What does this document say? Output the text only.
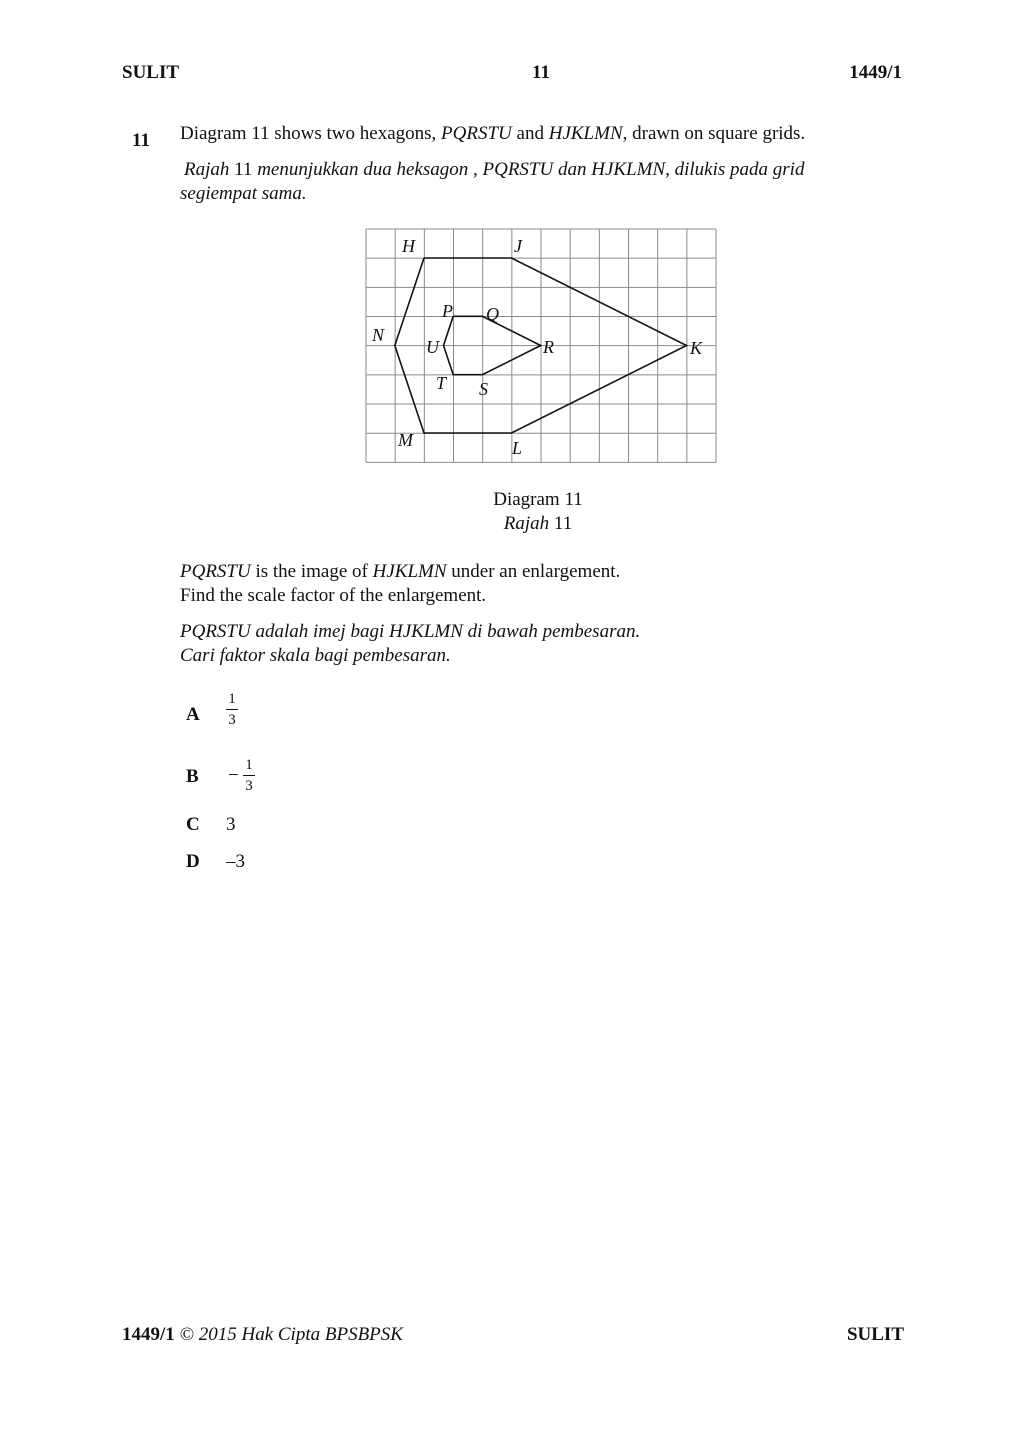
SULIT	11	1449/1
11 Diagram 11 shows two hexagons, PQRSTU and HJKLMN, drawn on square grids.
Rajah 11 menunjukkan dua heksagon , PQRSTU dan HJKLMN, dilukis pada grid
segiempat sama.
H	J
K
L
M
N
P Q
R
S
T
U
Diagram 11
Rajah 11
PQRSTU is the image of HJKLMN under an enlargement.
Find the scale factor of the enlargement.
PQRSTU adalah imej bagi HJKLMN di bawah pembesaran.
Cari faktor skala bagi pembesaran.
A
1
3
B − 1
3
C 3
D –3
1449/1 © 2015 Hak Cipta BPSBPSK	SULIT
